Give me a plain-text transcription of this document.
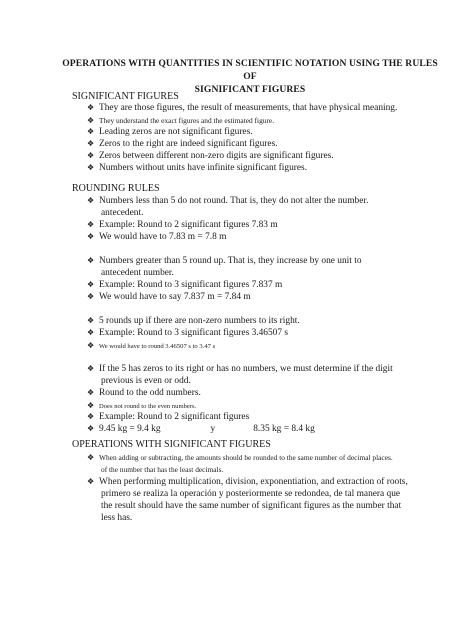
OPERATIONS WITH QUANTITIES IN SCIENTIFIC NOTATION USING THE RULES OF
SIGNIFICANT FIGURES
SIGNIFICANT FIGURES
❖ They are those figures, the result of measurements, that have physical meaning.
❖ They understand the exact figures and the estimated figure.
❖ Leading zeros are not significant figures.
❖ Zeros to the right are indeed significant figures.
❖ Zeros between different non-zero digits are significant figures.
❖ Numbers without units have infinite significant figures.
ROUNDING RULES
❖ Numbers less than 5 do not round. That is, they do not alter the number.
antecedent.
❖ Example: Round to 2 significant figures 7.83 m
❖ We would have to 7.83 m = 7.8 m
❖ Numbers greater than 5 round up. That is, they increase by one unit to
antecedent number.
❖ Example: Round to 3 significant figures 7.837 m
❖ We would have to say 7.837 m = 7.84 m
❖ 5 rounds up if there are non-zero numbers to its right.
❖ Example: Round to 3 significant figures 3.46507 s
❖ We would have to round 3.46507 s to 3.47 s
❖ If the 5 has zeros to its right or has no numbers, we must determine if the digit
previous is even or odd.
❖ Round to the odd numbers.
❖ Does not round to the even numbers.
❖ Example: Round to 2 significant figures
❖ 9.45 kg = 9.4 kg	y	8.35 kg = 8.4 kg
OPERATIONS WITH SIGNIFICANT FIGURES
❖ When adding or subtracting, the amounts should be rounded to the same number of decimal places.
of the number that has the least decimals.
❖ When performing multiplication, division, exponentiation, and extraction of roots,
primero se realiza la operación y posteriormente se redondea, de tal manera que
the result should have the same number of significant figures as the number that
less has.
